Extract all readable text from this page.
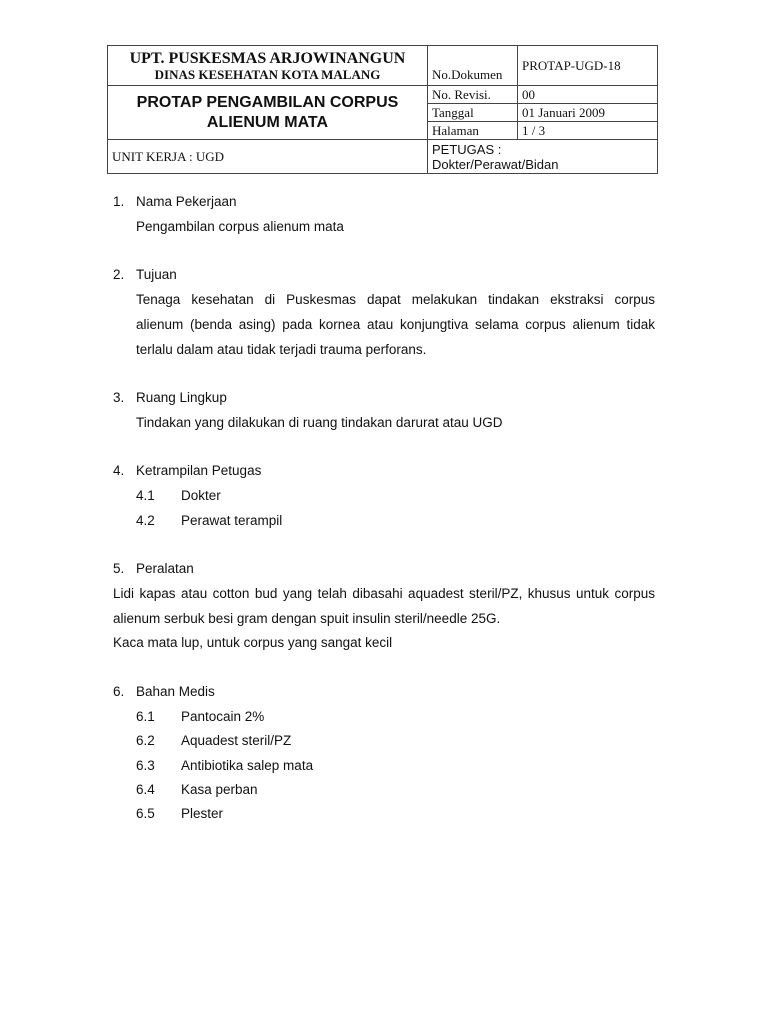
UPT. PUSKESMAS ARJOWINANGUN
DINAS KESEHATAN KOTA MALANG	No.Dokumen	PROTAP-UGD-18

PROTAP PENGAMBILAN CORPUS
ALIENUM MATA	No. Revisi.	00
	Tanggal	01 Januari 2009
	Halaman	1 / 3
UNIT KERJA : UGD	PETUGAS :
Dokter/Perawat/Bidan	
1. Nama Pekerjaan
Pengambilan corpus alienum mata
2. Tujuan
Tenaga kesehatan di Puskesmas dapat melakukan tindakan ekstraksi corpus
alienum (benda asing) pada kornea atau konjungtiva selama corpus alienum tidak
terlalu dalam atau tidak terjadi trauma perforans.
3. Ruang Lingkup
Tindakan yang dilakukan di ruang tindakan darurat atau UGD
4. Ketrampilan Petugas
4.1 Dokter
4.2 Perawat terampil
5. Peralatan
Lidi kapas atau cotton bud yang telah dibasahi aquadest steril/PZ, khusus untuk corpus
alienum serbuk besi gram dengan spuit insulin steril/needle 25G.
Kaca mata lup, untuk corpus yang sangat kecil
6. Bahan Medis
6.1 Pantocain 2%
6.2 Aquadest steril/PZ
6.3 Antibiotika salep mata
6.4 Kasa perban
6.5 Plester
